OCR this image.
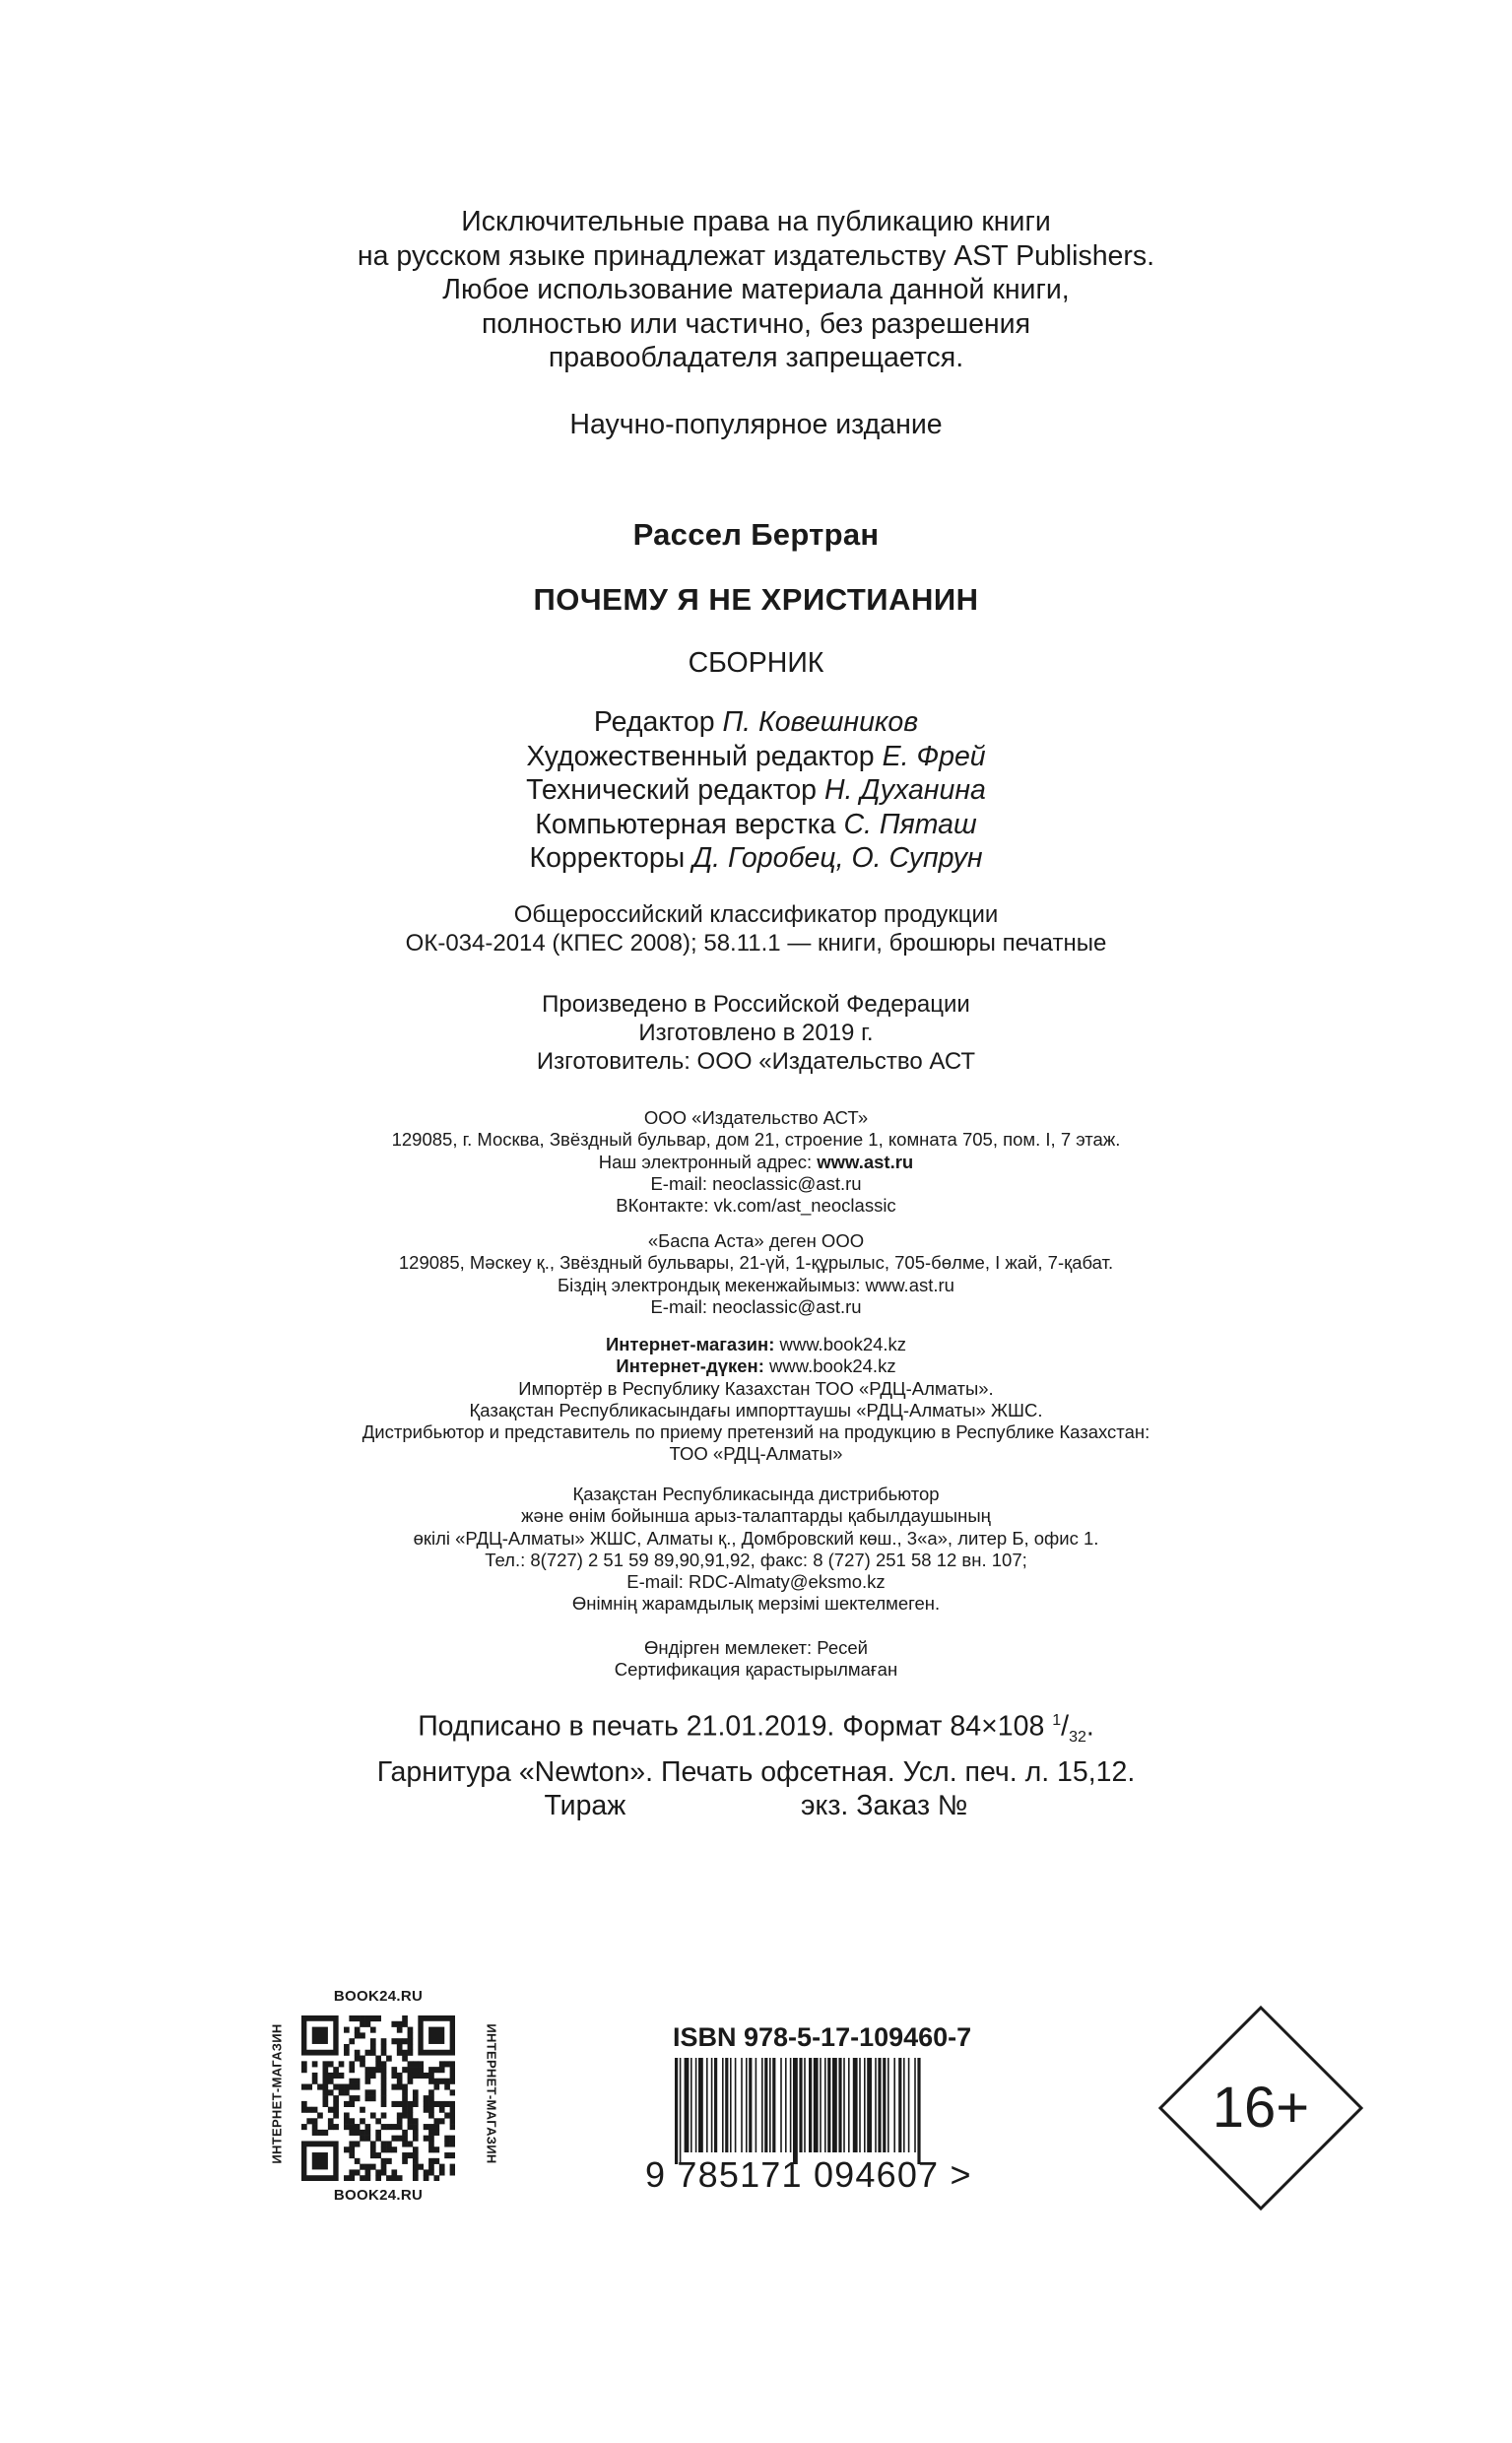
Исключительные права на публикацию книги
на русском языке принадлежат издательству AST Publishers.
Любое использование материала данной книги,
полностью или частично, без разрешения
правообладателя запрещается.
Научно-популярное издание
Рассел Бертран
ПОЧЕМУ Я НЕ ХРИСТИАНИН
СБОРНИК
Редактор П. Ковешников
Художественный редактор Е. Фрей
Технический редактор Н. Духанина
Компьютерная верстка С. Пяташ
Корректоры Д. Горобец, О. Супрун
Общероссийский классификатор продукции
ОК-034-2014 (КПЕС 2008); 58.11.1 — книги, брошюры печатные
Произведено в Российской Федерации
Изготовлено в 2019 г.
Изготовитель: ООО «Издательство АСТ
ООО «Издательство АСТ»
129085, г. Москва, Звёздный бульвар, дом 21, строение 1, комната 705, пом. I, 7 этаж.
Наш электронный адрес: www.ast.ru
E-mail: neoclassic@ast.ru
ВКонтакте: vk.com/ast_neoclassic
«Баспа Аста» деген ООО
129085, Мәскеу қ., Звёздный бульвары, 21-үй, 1-құрылыс, 705-бөлме, I жай, 7-қабат.
Біздің электрондық мекенжайымыз: www.ast.ru
E-mail: neoclassic@ast.ru
Интернет-магазин: www.book24.kz
Интернет-дүкен: www.book24.kz
Импортёр в Республику Казахстан ТОО «РДЦ-Алматы».
Қазақстан Республикасындағы импорттаушы «РДЦ-Алматы» ЖШС.
Дистрибьютор и представитель по приему претензий на продукцию в Республике Казахстан:
ТОО «РДЦ-Алматы»
Қазақстан Республикасында дистрибьютор
және өнім бойынша арыз-талаптарды қабылдаушының
өкілі «РДЦ-Алматы» ЖШС, Алматы қ., Домбровский көш., 3«а», литер Б, офис 1.
Тел.: 8(727) 2 51 59 89,90,91,92, факс: 8 (727) 251 58 12 вн. 107;
E-mail: RDC-Almaty@eksmo.kz
Өнімнің жарамдылық мерзімі шектелмеген.
Өндірген мемлекет: Ресей
Сертификация қарастырылмаған
Подписано в печать 21.01.2019. Формат 84×108 $^1/_{32}$.
Гарнитура «Newton». Печать офсетная. Усл. печ. л. 15,12.
Тираж	экз. Заказ №
BOOK24.RU
ИНТЕРНЕТ-МАГАЗИН	ИНТЕРНЕТ-МАГАЗИН
BOOK24.RU
ISBN 978-5-17-109460-7
9 785171 094607 >
16+
